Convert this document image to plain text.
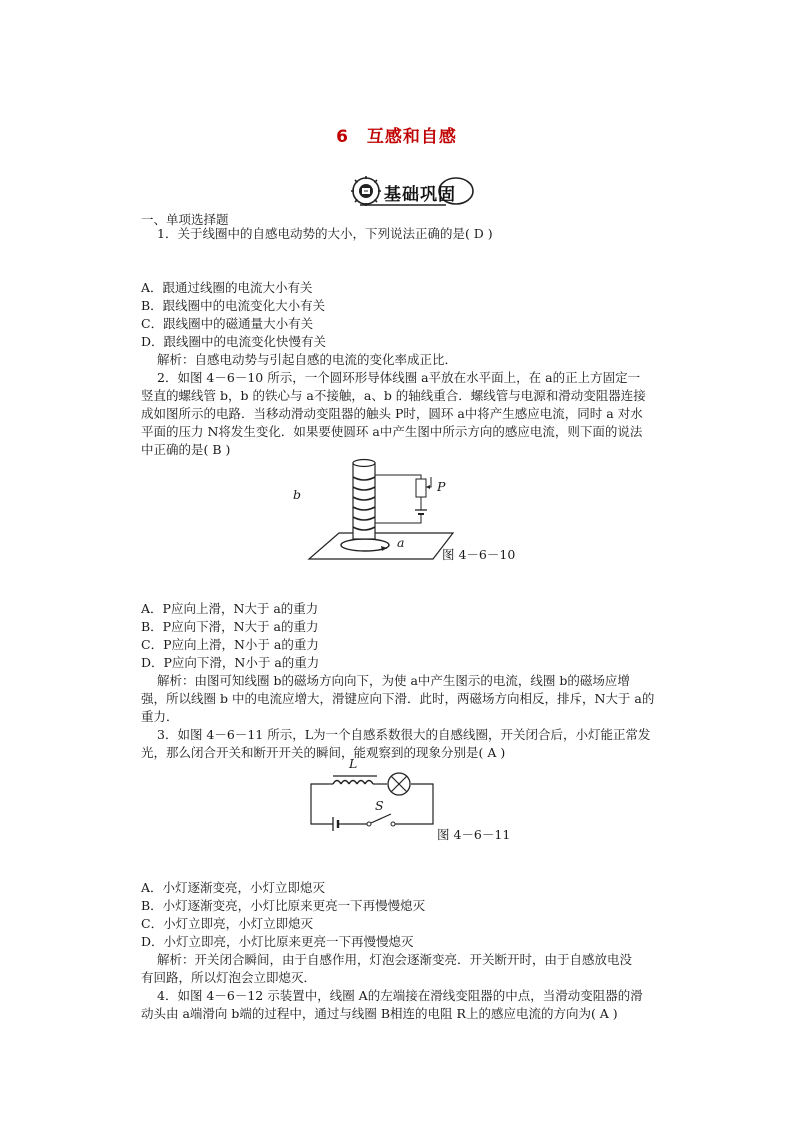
6　互感和自感
基础巩固
一、单项选择题
1．关于线圈中的自感电动势的大小，下列说法正确的是( D )
A．跟通过线圈的电流大小有关
B．跟线圈中的电流变化大小有关
C．跟线圈中的磁通量大小有关
D．跟线圈中的电流变化快慢有关
解析：自感电动势与引起自感的电流的变化率成正比．
2．如图 4－6－10 所示，一个圆环形导体线圈 a平放在水平面上，在 a的正上方固定一
竖直的螺线管 b，b 的铁心与 a不接触，a、b 的轴线重合．螺线管与电源和滑动变阻器连接
成如图所示的电路．当移动滑动变阻器的触头 P时，圆环 a中将产生感应电流，同时 a 对水
平面的压力 N将发生变化．如果要使圆环 a中产生图中所示方向的感应电流，则下面的说法
中正确的是( B )
b
P
a
图 4－6－10
A．P应向上滑，N大于 a的重力
B．P应向下滑，N大于 a的重力
C．P应向上滑，N小于 a的重力
D．P应向下滑，N小于 a的重力
解析：由图可知线圈 b的磁场方向向下，为使 a中产生图示的电流，线圈 b的磁场应增
强，所以线圈 b 中的电流应增大，滑键应向下滑．此时，两磁场方向相反，排斥，N大于 a的
重力．
3．如图 4－6－11 所示，L为一个自感系数很大的自感线圈，开关闭合后，小灯能正常发
光，那么闭合开关和断开开关的瞬间，能观察到的现象分别是( A )
L
S
图 4－6－11
A．小灯逐渐变亮，小灯立即熄灭
B．小灯逐渐变亮，小灯比原来更亮一下再慢慢熄灭
C．小灯立即亮，小灯立即熄灭
D．小灯立即亮，小灯比原来更亮一下再慢慢熄灭
解析：开关闭合瞬间，由于自感作用，灯泡会逐渐变亮．开关断开时，由于自感放电没
有回路，所以灯泡会立即熄灭．
4．如图 4－6－12 示装置中，线圈 A的左端接在滑线变阻器的中点，当滑动变阻器的滑
动头由 a端滑向 b端的过程中，通过与线圈 B相连的电阻 R上的感应电流的方向为( A )
